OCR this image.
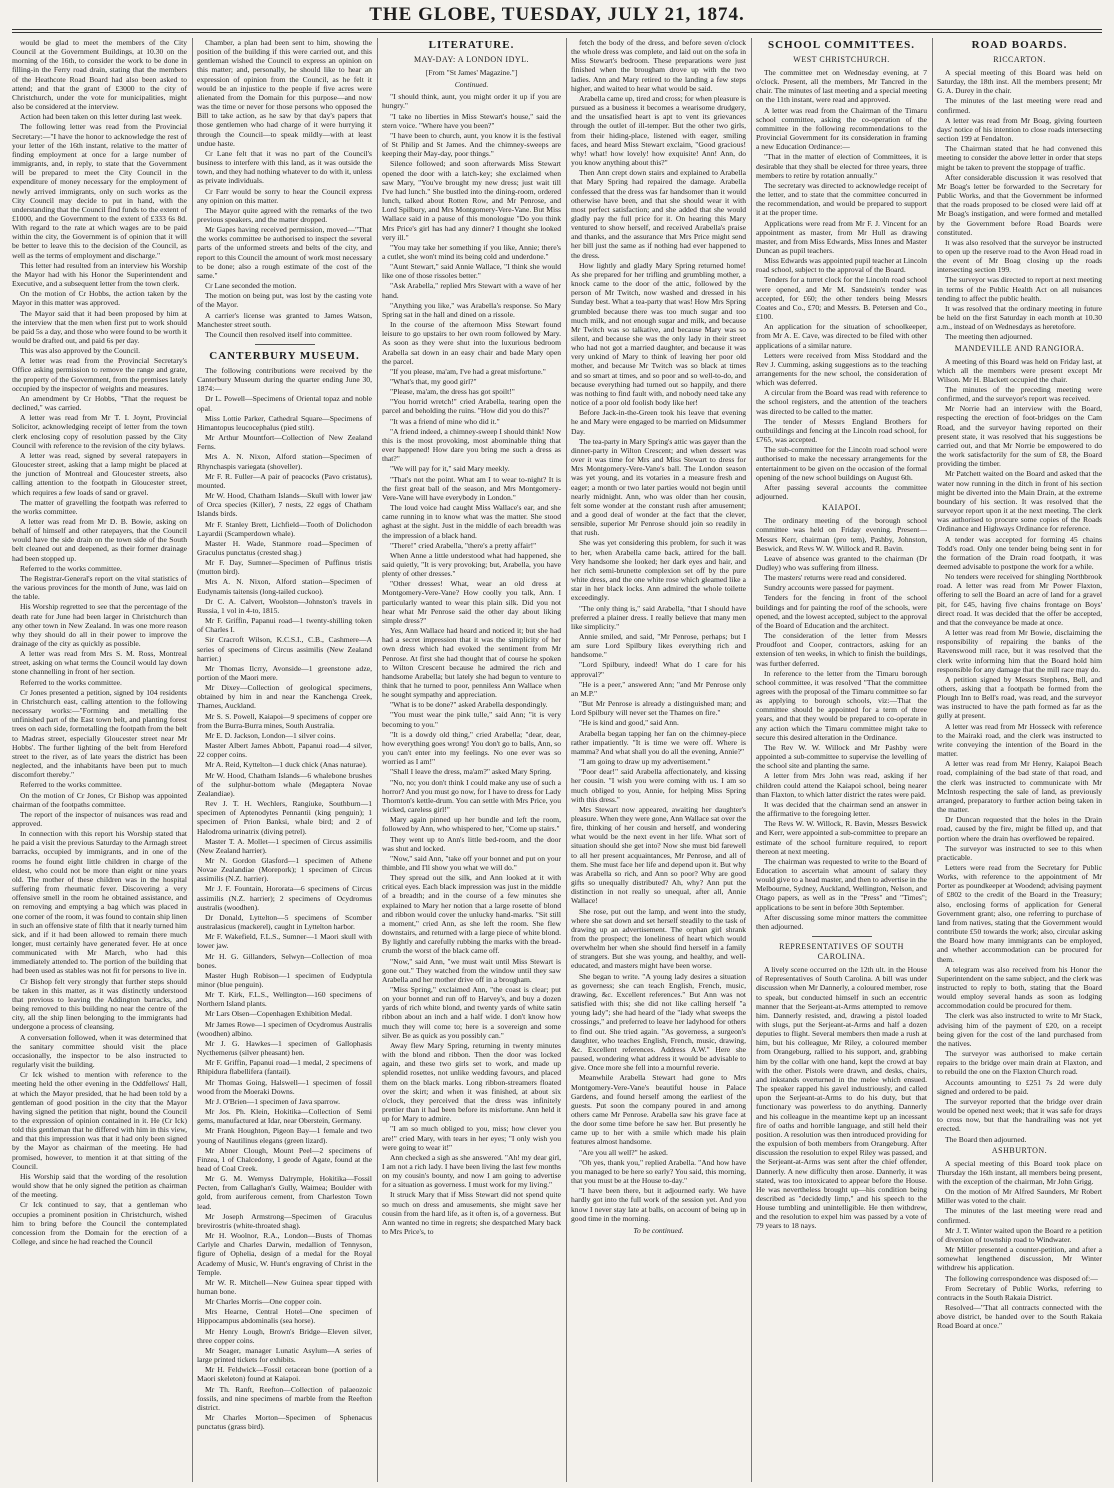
THE GLOBE, TUESDAY, JULY 21, 1874.

would be glad to meet the members of the City Council at the Government Buildings, at 10.30 on the morning of the 16th, to consider the work to be done in filling-in the Ferry road drain, stating that the members of the Heathcote Road Board had also been asked to attend; and that the grant of £3000 to the city of Christchurch, under the vote for municipalities, might also be considered at the interview.

Action had been taken on this letter during last week.

The following letter was read from the Provincial Secretary:—"I have the honor to acknowledge the rest of your letter of the 16th instant, relative to the matter of finding employment at once for a large number of immigrants, and, in reply, to state that the Government will be prepared to meet the City Council in the expenditure of money necessary for the employment of newly arrived immigrants, only on such works as the City Council may decide to put in hand, with the understanding that the Council find funds to the extent of £1000, and the Government to the extent of £333 6s 8d. With regard to the rate at which wages are to be paid within the city, the Government is of opinion that it will be better to leave this to the decision of the Council, as well as the terms of employment and discharge."

This letter had resulted from an interview his Worship the Mayor had with his Honor the Superintendent and Executive, and a subsequent letter from the town clerk.

On the motion of Cr Hobbs, the action taken by the Mayor in this matter was approved.

The Mayor said that it had been proposed by him at the interview that the men when first put to work should be paid 5s a day, and those who were found to be worth it would be drafted out, and paid 6s per day.

This was also approved by the Council.

A letter was read from the Provincial Secretary's Office asking permission to remove the range and grate, the property of the Government, from the premises lately occupied by the inspector of weights and measures.

An amendment by Cr Hobbs, "That the request be declined," was carried.

A letter was read from Mr T. I. Joynt, Provincial Solicitor, acknowledging receipt of letter from the town clerk enclosing copy of resolution passed by the City Council with reference to the revision of the city bylaws.

A letter was read, signed by several ratepayers in Gloucester street, asking that a lamp might be placed at the junction of Montreal and Gloucester streets, also calling attention to the footpath in Gloucester street, which requires a few loads of sand or gravel.

The matter of gravelling the footpath was referred to the works committee.

A letter was read from Mr D. B. Bowie, asking on behalf of himself and other ratepayers, that the Council would have the side drain on the town side of the South belt cleaned out and deepened, as their former drainage had been stopped up.

Referred to the works committee.

The Registrar-General's report on the vital statistics of the various provinces for the month of June, was laid on the table.

His Worship regretted to see that the percentage of the death rate for June had been larger in Christchurch than any other town in New Zealand. In was one more reason why they should do all in their power to improve the drainage of the city as quickly as possible.

A letter was read from Mrs S. M. Ross, Montreal street, asking on what terms the Council would lay down stone channelling in front of her section.

Referred to the works committee.

Cr Jones presented a petition, signed by 104 residents in Christchurch east, calling attention to the following necessary works:—"Forming and metalling the unfinished part of the East town belt, and planting forest trees on each side, formetalling the footpath from the belt to Madras street, especially Gloucester street near Mr Hobbs'. The further lighting of the belt from Hereford street to the river, as of late years the district has been neglected, and the inhabitants have been put to much discomfort thereby."

Referred to the works committee.

On the motion of Cr Jones, Cr Bishop was appointed chairman of the footpaths committee.

The report of the inspector of nuisances was read and approved.

In connection with this report his Worship stated that he paid a visit the previous Saturday to the Armagh street barracks, occupied by immigrants, and in one of the rooms he found eight little children in charge of the eldest, who could not be more than eight or nine years old. The mother of these children was in the hospital suffering from rheumatic fever. Discovering a very offensive smell in the room he obtained assistance, and on removing and emptying a bag which was placed in one corner of the room, it was found to contain ship linen in such an offensive state of filth that it nearly turned him sick, and if it had been allowed to remain there much longer, must certainly have generated fever. He at once communicated with Mr March, who had this immediately attended to. The portion of the building that had been used as stables was not fit for persons to live in.

Cr Bishop felt very strongly that further steps should be taken in this matter, as it was distinctly understood that previous to leaving the Addington barracks, and being removed to this building no near the centre of the city, all the ship linen belonging to the immigrants had undergone a process of cleansing.

A conversation followed, when it was determined that the sanitary committee should visit the place occasionally, the inspector to be also instructed to regularly visit the building.

Cr Ick wished to mention with reference to the meeting held the other evening in the Oddfellows' Hall, at which the Mayor presided, that he had been told by a gentleman of good position in the city that the Mayor having signed the petition that night, bound the Council to the expression of opinion contained in it. He (Cr Ick) told this gentleman that he differed with him in this view, and that this impression was that it had only been signed by the Mayor as chairman of the meeting. He had promised, however, to mention it at that sitting of the Council.

His Worship said that the wording of the resolution would show that he only signed the petition as chairman of the meeting.

Cr Ick continued to say, that a gentleman who occupies a prominent position in Christchurch, wished him to bring before the Council the contemplated concession from the Domain for the erection of a College, and since he had reached the Council

Chamber, a plan had been sent to him, showing the position of the building if this were carried out, and this gentleman wished the Council to express an opinion on this matter; and, personally, he should like to hear an expression of opinion from the Council, as he felt it would be an injustice to the people if five acres were alienated from the Domain for this purpose—and now was the time or never for those persons who opposed the Bill to take action, as he saw by that day's papers that those gentlemen who had charge of it were hurrying it through the Council—to speak mildly—with at least undue haste.

Cr Lane felt that it was no part of the Council's business to interfere with this land, as it was outside the town, and they had nothing whatever to do with it, unless as private individuals.

Cr Farr would be sorry to hear the Council express any opinion on this matter.

The Mayor quite agreed with the remarks of the two previous speakers, and the matter dropped.

Mr Gapes having received permission, moved—"That the works committee be authorised to inspect the several parts of the unformed streets and belts of the city, and report to this Council the amount of work most necessary to be done; also a rough estimate of the cost of the same."

Cr Lane seconded the motion.

The motion on being put, was lost by the casting vote of the Mayor.

A carrier's license was granted to James Watson, Manchester street south.

The Council then resolved itself into committee.

CANTERBURY MUSEUM.

The following contributions were received by the Canterbury Museum during the quarter ending June 30, 1874:—

Dr L. Powell—Specimens of Oriental topaz and noble opal.

Miss Lottie Parker, Cathedral Square—Specimens of Himantopus leucocephalus (pied stilt).

Mr Arthur Mountfort—Collection of New Zealand Ferns.

Mrs A. N. Nixon, Alford station—Specimen of Rhynchaspis variegata (shoveller).

Mr F. R. Fuller—A pair of peacocks (Pavo cristatus), mounted.

Mr W. Hood, Chatham Islands—Skull with lower jaw of Orca species (Killer), 7 nests, 22 eggs of Chatham Islands birds.

Mr F. Stanley Brett, Lichfield—Tooth of Dolichodon Layardii (Scamperdown whale).

Master H. Wade, Stanmore road—Specimen of Graculus punctatus (crested shag.)

Mr F. Day, Sumner—Specimen of Puffinus tristis (mutton bird).

Mrs A. N. Nixon, Alford station—Specimen of Eudynamis taitensis (long-tailed cuckoo).

Dr C. A. Calvert, Woolston—Johnston's travels in Russia, 1 vol in 4-to, 1815.

Mr F. Griffin, Papanui road—1 twenty-shilling token of Charles I.

Sir Cracroft Wilson, K.C.S.I., C.B., Cashmere—A series of specimens of Circus assimilis (New Zealand harrier.)

Mr Thomas Ilcrry, Avonside—1 greenstone adze, portion of the Maori mere.

Mr Dixey—Collection of geological specimens, obtained by him in and near the Kanchenga Creek, Thames, Auckland.

Mr S. S. Powell, Kaiapoi—9 specimens of copper ore from the Burra-Burra mines, South Australia.

Mr E. D. Jackson, London—1 silver coins.

Master Albert James Abbott, Papanui road—4 silver, 22 copper coins.

Mr A. Reid, Kyttelton—1 duck chick (Anas naturae).

Mr W. Hood, Chatham Islands—6 whalebone brushes of the sulphur-bottom whale (Megaptera Novae Zealandiae).

Rev J. T. H. Wechlers, Rangiuke, Southburn—1 specimen of Aptenodytes Pennantii (king penguin); 1 specimen of Prion Banksi, whale bird; and 2 of Halodroma urinatrix (diving petrel).

Master T. A. Mollet—1 specimen of Circus assimilis (New Zealand harrier).

Mr N. Gordon Glasford—1 specimen of Athene Novae Zealandiae (Morepork); 1 specimen of Circus assimilis (N.Z. harrier).

Mr J. F. Fountain, Hororata—6 specimens of Circus assimilis (N.Z. harrier); 2 specimens of Ocydromus australis (woodhen).

Dr Donald, Lyttelton—5 specimens of Scomber australasicus (mackerel), caught in Lyttelton harbor.

Mr F. Wakefield, F.L.S., Sumner—1 Maori skull with lower jaw.

Mr H. G. Gillanders, Selwyn—Collection of moa bones.

Master Hugh Robison—1 specimen of Eudyptula minor (blue penguin).

Mr T. Kirk, F.L.S., Wellington—160 specimens of Northern Island plants.

Mr Lars Olsen—Copenhagen Exhibition Medal.

Mr James Rowe—1 specimen of Ocydromus Australis (woodhen) albino.

Mr J. G. Hawkes—1 specimen of Gallophasis Nycthemerus (silver pheasant) hen.

Mr F. Griffin, Papanui road—1 medal, 2 specimens of Rhipidura flabellifera (fantail).

Mr Thomas Going, Halswell—1 specimen of fossil wood from the Moeraki Downs.

Mr J. O'Brien—1 specimen of Java sparrow.

Mr Jos. Ph. Klein, Hokitika—Collection of Semi gems, manufactured at Idar, near Oberstein, Germany.

Mr Frank Houghton, Pigeon Bay—1 female and two young of Nautilinus elegans (green lizard).

Mr Abner Clough, Mount Peel—2 specimens of Finzea, 1 of Chalcedony, 1 geode of Agate, found at the head of Coal Creek.

Mr G. M. Wemyss Dalrymple, Hokitika—Fossil Pecten, from Callaghan's Gully, Waimea; Boulder with gold, from auriferous cement, from Charleston Town lead.

Mr Joseph Armstrong—Specimen of Graculus brevirostris (white-throated shag).

Mr H. Woolnor, R.A., London—Busts of Thomas Carlyle and Charles Darwin, medallion of Tennyson, figure of Ophelia, design of a medal for the Royal Academy of Music, W. Hunt's engraving of Christ in the Temple.

Mr W. R. Mitchell—New Guinea spear tipped with human bone.

Mr Charles Morris—One copper coin.

Mrs Hearne, Central Hotel—One specimen of Hippocampus abdominalis (sea horse).

Mr Henry Lough, Brown's Bridge—Eleven silver, three copper coins.

Mr Seager, manager Lunatic Asylum—A series of large printed tickets for exhibits.

Mr H. Feldwick—Fossil cetacean bone (portion of a Maori skeleton) found at Kaiapoi.

Mr Th. Ranft, Reefton—Collection of palaeozoic fossils, and nine specimens of marble from the Reefton district.

Mr Charles Morton—Specimen of Sphenacus punctatus (grass bird).

LITERATURE.
MAY-DAY: A LONDON IDYL.
[From "St James' Magazine."]
Continued.

"I should think, aunt, you might order it up if you are hungry."

"I take no liberties in Miss Stewart's house," said the stern voice. "Where have you been?"

"I have been to church, aunt, you know it is the festival of St Philip and St James. And the chimney-sweeps are keeping their May-day, poor things."

Silence followed; and soon afterwards Miss Stewart opened the door with a latch-key; she exclaimed when saw Mary, "You've brought my new dress; just wait till I've had lunch." She bustled into the dining-room, ordered lunch, talked about Rotten Row, and Mr Penrose, and Lord Spilbury, and Mrs Montgomery-Vere-Vane. But Miss Wallace said in a pause of this monologue "Do you think Mrs Price's girl has had any dinner? I thought she looked very ill."

"You may take her something if you like, Annie; there's a cutlet, she won't mind its being cold and underdone."

"Aunt Stewart," said Annie Wallace, "I think she would like one of those rissoles better."

"Ask Arabella," replied Mrs Stewart with a wave of her hand.

"Anything you like," was Arabella's response. So Mary Spring sat in the hall and dined on a rissole.

In the course of the afternoon Miss Stewart found leisure to go upstairs to her own room followed by Mary. As soon as they were shut into the luxurious bedroom Arabella sat down in an easy chair and bade Mary open the parcel.

"If you please, ma'am, I've had a great misfortune."

"What's that, my good girl?"

"Please, ma'am, the dress has got spoilt!"

"You horrid wretch!" cried Arabella, tearing open the parcel and beholding the ruins. "How did you do this?"

"It was a friend of mine who did it."

"A friend indeed, a chimney-sweep I should think! Now this is the most provoking, most abominable thing that ever happened! How dare you bring me such a dress as that?"

"We will pay for it," said Mary meekly.

"That's not the point. What am I to wear to-night? It is the first great ball of the season, and Mrs Montgomery-Vere-Vane will have everybody in London."

The loud voice had caught Miss Wallace's ear, and she came running in to know what was the matter. She stood aghast at the sight. Just in the middle of each breadth was the impression of a black hand.

"There!" cried Arabella, "there's a pretty affair!"

When Anne a little understood what had happened, she said quietly, "It is very provoking; but, Arabella, you have plenty of other dresses."

"Other dresses! What, wear an old dress at Montgomery-Vere-Vane? How coolly you talk, Ann. I particularly wanted to wear this plain silk. Did you not hear what Mr Penrose said the other day about liking simple dress?"

Yes, Ann Wallace had heard and noticed it; but she had had a secret impression that it was the simplicity of her own dress which had evoked the sentiment from Mr Penrose. At first she had thought that of course he spoken to Wilton Crescent because he admired the rich and handsome Arabella; but lately she had begun to venture to think that he turned to poor, penniless Ann Wallace when he sought sympathy and appreciation.

"What is to be done?" asked Arabella despondingly.

"You must wear the pink tulle," said Ann; "it is very becoming to you."

"It is a dowdy old thing," cried Arabella; "dear, dear, how everything goes wrong! You don't go to balls, Ann, so you can't enter into my feelings. No one ever was so worried as I am!"

"Shall I leave the dress, ma'am?" asked Mary Spring.

"No, no; you don't think I could make any use of such a horror? And you must go now, for I have to dress for Lady Thornton's kettle-drum. You can settle with Mrs Price, you wicked, careless girl!"

Mary again pinned up her bundle and left the room, followed by Ann, who whispered to her, "Come up stairs."

They went up to Ann's little bed-room, and the door was shut and locked.

"Now," said Ann, "take off your bonnet and put on your thimble, and I'll show you what we will do."

They spread out the silk, and Ann looked at it with critical eyes. Each black impression was just in the middle of a breadth; and in the course of a few minutes she explained to Mary her notion that a large rosette of blond and ribbon would cover the unlucky hand-marks. "Sit still a moment," cried Ann, as she left the room. She flew downstairs, and returned with a large piece of white blond. By lightly and carefully rubbing the marks with the bread-crumb the worst of the black came off.

"Now," said Ann, "we must wait until Miss Stewart is gone out." They watched from the window until they saw Arabella and her mother drive off in a brougham.

"Miss Spring," exclaimed Ann, "the coast is clear; put on your bonnet and run off to Harvey's, and buy a dozen yards of rich white blond, and twenty yards of white satin ribbon about an inch and a half wide. I don't know how much they will come to; here is a sovereign and some silver. Be as quick as you possibly can."

Away flew Mary Spring, returning in twenty minutes with the blond and ribbon. Then the door was locked again, and these two girls set to work, and made up splendid rosettes, not unlike wedding favours, and placed them on the black marks. Long ribbon-streamers floated over the skirt; and when it was finished, at about six o'clock, they perceived that the dress was infinitely prettier than it had been before its misfortune. Ann held it up for Mary to admire.

"I am so much obliged to you, miss; how clever you are!" cried Mary, with tears in her eyes; "I only wish you were going to wear it!"

Ann checked a sigh as she answered. "Ah! my dear girl, I am not a rich lady. I have been living the last few months on my cousin's bounty, and now I am going to advertise for a situation as governess. I must work for my living."

It struck Mary that if Miss Stewart did not spend quite so much on dress and amusements, she might save her cousin from the hard life, as it often is, of a governess. But Ann wanted no time in regrets; she despatched Mary back to Mrs Price's, to

fetch the body of the dress, and before seven o'clock the whole dress was complete, and laid out on the sofa in Miss Stewart's bedroom. These preparations were just finished when the brougham drove up with the two ladies. Ann and Mary retired to the landing a few steps higher, and waited to hear what would be said.

Arabella came up, tired and cross; for when pleasure is pursued as a business it becomes a wearisome drudgery, and the unsatisfied heart is apt to vent its grievances through the outlet of ill-temper. But the other two girls, from their hiding-place, listened with eager, smiling faces, and heard Miss Stewart exclaim, "Good gracious! why! what! how lovely! how exquisite! Ann! Ann, do you know anything about this?"

Then Ann crept down stairs and explained to Arabella that Mary Spring had repaired the damage. Arabella confessed that the dress was far handsomer than it would otherwise have been, and that she should wear it with most perfect satisfaction; and she added that she would gladly pay the full price for it. On hearing this Mary ventured to show herself, and received Arabella's praise and thanks, and the assurance that Mrs Price might send her bill just the same as if nothing had ever happened to the dress.

How lightly and gladly Mary Spring returned home! As she prepared for her trifling and grumbling mother, a knock came to the door of the attic, followed by the person of Mr Twitch, now washed and dressed in his Sunday best. What a tea-party that was! How Mrs Spring grumbled because there was too much sugar and too much milk, and not enough sugar and milk, and because Mr Twitch was so talkative, and because Mary was so silent, and because she was the only lady in their street who had not got a married daughter, and because it was very unkind of Mary to think of leaving her poor old mother, and because Mr Twitch was so black at times and so smart at times, and so poor and so well-to-do, and because everything had turned out so happily, and there was nothing to find fault with, and nobody need take any notice of a poor old foolish body like her!

Before Jack-in-the-Green took his leave that evening he and Mary were engaged to be married on Midsummer Day.

The tea-party in Mary Spring's attic was gayer than the dinner-party in Wilton Crescent; and when dessert was over it was time for Mrs and Miss Stewart to dress for Mrs Montgomery-Vere-Vane's ball. The London season was yet young, and its votaries in a measure fresh and eager; a month or two later parties would not begin until nearly midnight. Ann, who was older than her cousin, felt some wonder at the constant rush after amusement; and a good deal of wonder at the fact that the clever, sensible, superior Mr Penrose should join so readily in that rush.

She was yet considering this problem, for such it was to her, when Arabella came back, attired for the ball. Very handsome she looked; her dark eyes and hair, and her rich semi-brunette complexion set off by the pure white dress, and the one white rose which gleamed like a star in her black locks. Ann admired the whole toilette exceedingly.

"The only thing is," said Arabella, "that I should have preferred a plainer dress. I really believe that many men like simplicity."

Annie smiled, and said, "Mr Penrose, perhaps; but I am sure Lord Spilbury likes everything rich and handsome."

"Lord Spilbury, indeed! What do I care for his approval?"

"He is a peer," answered Ann; "and Mr Penrose only an M.P."

"But Mr Penrose is already a distinguished man; and Lord Spilbury will never set the Thames on fire."

"He is kind and good," said Ann.

Arabella began tapping her fan on the chimney-piece rather impatiently. "It is time we were off. Where is mamma? And what shall you do all the evening, Annie?"

"I am going to draw up my advertisement."

"Poor dear!" said Arabella affectionately, and kissing her cousin. "I wish you were coming with us. I am so much obliged to you, Annie, for helping Miss Spring with this dress."

Mrs Stewart now appeared, awaiting her daughter's pleasure. When they were gone, Ann Wallace sat over the fire, thinking of her cousin and herself, and wondering what would be the next event in her life. What sort of situation should she get into? Now she must bid farewell to all her present acquaintances, Mr Penrose, and all of them. She must face her life and depend upon it. But why was Arabella so rich, and Ann so poor? Why are good gifts so unequally distributed? Ah, why? Ann put the distinction in not really so unequal, after all, Annie Wallace!

She rose, put out the lamp, and went into the study, where she sat down and set herself steadily to the task of drawing up an advertisement. The orphan girl shrank from the prospect; the loneliness of heart which would overwhelm her when she should find herself in a family of strangers. But she was young, and healthy, and well-educated, and masters might have been worse.

She began to write. "A young lady desires a situation as governess; she can teach English, French, music, drawing, &c. Excellent references." But Ann was not satisfied with this; she did not like calling herself "a young lady"; she had heard of the "lady what sweeps the crossings," and preferred to leave her ladyhood for others to find out. She tried again. "As governess, a surgeon's daughter, who teaches English, French, music, drawing, &c. Excellent references. Address A.W." Here she paused, wondering what address it would be advisable to give. Once more she fell into a mournful reverie.

Meanwhile Arabella Stewart had gone to Mrs Montgomery-Vere-Vane's beautiful house in Palace Gardens, and found herself among the earliest of the guests. Put soon the company poured in and among others came Mr Penrose. Arabella saw his grave face at the door some time before he saw her. But presently he came up to her with a smile which made his plain features almost handsome.

"Are you all well?" he asked.

"Oh yes, thank you," replied Arabella. "And how have you managed to be here so early? You said, this morning, that you must be at the House to-day."

"I have been there, but it adjourned early. We have hardly got into the full work of the session yet. And you know I never stay late at balls, on account of being up in good time in the morning.

To be continued.
SCHOOL COMMITTEES.
WEST CHRISTCHURCH.

The committee met on Wednesday evening, at 7 o'clock. Present, all the members, Mr Tancred in the chair. The minutes of last meeting and a special meeting on the 11th instant, were read and approved.

A letter was read from the Chairman of the Timaru school committee, asking the co-operation of the committee in the following recommendations to the Provincial Government for its consideration in framing a new Education Ordinance:—

"That in the matter of election of Committees, it is desirable that they shall be elected for three years, three members to retire by rotation annually."

The secretary was directed to acknowledge receipt of the letter, and to state that the committee concurred in the recommendation, and would be prepared to support it at the proper time.

Applications were read from Mr F. J. Vincent for an appointment as master, from Mr Hull as drawing master, and from Miss Edwards, Miss Innes and Master Duncan as pupil teachers.

Miss Edwards was appointed pupil teacher at Lincoln road school, subject to the approval of the Board.

Tenders for a turret clock for the Lincoln road school were opened, and Mr M. Sandstein's tender was accepted, for £60; the other tenders being Messrs Coates and Co., £70; and Messrs. B. Petersen and Co., £100.

An application for the situation of schoolkeeper, from Mr A. E. Cave, was directed to be filed with other applications of a similar nature.

Letters were received from Miss Stoddard and the Rev J. Cumming, asking suggestions as to the teaching arrangements for the new school, the consideration of which was deferred.

A circular from the Board was read with reference to the school registers, and the attention of the teachers was directed to be called to the matter.

The tender of Messrs England Brothers for outbuildings and fencing at the Lincoln road school, for £765, was accepted.

The sub-committee for the Lincoln road school were authorised to make the necessary arrangements for the entertainment to be given on the occasion of the formal opening of the new school buildings on August 6th.

After passing several accounts the committee adjourned.

KAIAPOI.

The ordinary meeting of the borough school committee was held on Friday evening. Present—Messrs Kerr, chairman (pro tem), Pashby, Johnston, Beswick, and Revs W. W. Willock and R. Bavin.

Leave of absence was granted to the chairman (Dr Dudley) who was suffering from illness.

The masters' returns were read and considered.

Sundry accounts were passed for payment.

Tenders for the fencing in front of the school buildings and for painting the roof of the schools, were opened, and the lowest accepted, subject to the approval of the Board of Education and the architect.

The consideration of the letter from Messrs Proudfoot and Cooper, contractors, asking for an extension of ten weeks, in which to finish the buildings, was further deferred.

In reference to the letter from the Timaru borough school committee, it was resolved "That the committee agrees with the proposal of the Timaru committee so far as applying to borough schools, viz:—That the committee should be appointed for a term of three years, and that they would be prepared to co-operate in any action which the Timaru committee might take to secure this desired alteration in the Ordinance.

The Rev W. W. Willock and Mr Pashby were appointed a sub-committee to supervise the levelling of the school site and planting the same.

A letter from Mrs John was read, asking if her children could attend the Kaiapoi school, being nearer than Flaxton, to which latter district the rates were paid.

It was decided that the chairman send an answer in the affirmative to the foregoing letter.

The Revs W. W. Willock, R. Bavin, Messrs Beswick and Kerr, were appointed a sub-committee to prepare an estimate of the school furniture required, to report thereon at next meeting.

The chairman was requested to write to the Board of Education to ascertain what amount of salary they would give to a head master, and then to advertise in the Melbourne, Sydney, Auckland, Wellington, Nelson, and Otago papers, as well as in the "Press" and "Times"; applications to be sent in before 30th September.

After discussing some minor matters the committee then adjourned.

REPRESENTATIVES OF SOUTH CAROLINA.

A lively scene occurred on the 12th ult. in the House of Representatives of South Carolina. A bill was under discussion when Mr Dannerly, a coloured member, rose to speak, but conducted himself in such an eccentric manner that the Serjeant-at-Arms attempted to remove him. Dannerly resisted, and, drawing a pistol loaded with slugs, put the Serjeant-at-Arms and half a dozen deputies to flight. Several members then made a rush at him, but his colleague, Mr Riley, a coloured member from Orangeburg, rallied to his support, and, grabbing him by the collar with one hand, kept the crowd at bay with the other. Pistols were drawn, and desks, chairs, and inkstands overturned in the melee which ensued. The speaker rapped his gavel industriously, and called upon the Serjeant-at-Arms to do his duty, but that functionary was powerless to do anything. Dannerly and his colleague in the meantime kept up an incessant fire of oaths and horrible language, and still held their position. A resolution was then introduced providing for the expulsion of both members from Orangeburg. After discussion the resolution to expel Riley was passed, and the Serjeant-at-Arms was sent after the chief offender, Dannerly. A new difficulty then arose. Dannerly, it was stated, was too intoxicated to appear before the House. He was nevertheless brought up—his condition being described as "decidedly limp," and his speech to the House tumbling and unintelligible. He then withdrew, and the resolution to expel him was passed by a vote of 79 years to 18 nays.

ROAD BOARDS.
RICCARTON.

A special meeting of this Board was held on Saturday, the 18th inst. All the members present; Mr G. A. Durey in the chair.

The minutes of the last meeting were read and confirmed.

A letter was read from Mr Boag, giving fourteen days' notice of his intention to close roads intersecting section 199 at Fendalton.

The Chairman stated that he had convened this meeting to consider the above letter in order that steps might be taken to prevent the stoppage of traffic.

After considerable discussion it was resolved that Mr Boag's letter be forwarded to the Secretary for Public Works, and that the Government be informed that the roads proposed to be closed were laid off at Mr Boag's instigation, and were formed and metalled by the Government before Road Boards were constituted.

It was also resolved that the surveyor be instructed to open up the reserve road to the Avon Head road in the event of Mr Boag closing up the roads intersecting section 199.

The surveyor was directed to report at next meeting in terms of the Public Health Act on all nuisances tending to affect the public health.

It was resolved that the ordinary meeting in future be held on the first Saturday in each month at 10.30 a.m., instead of on Wednesdays as heretofore.

The meeting then adjourned.

MANDEVILLE AND RANGIORA.

A meeting of this Board was held on Friday last, at which all the members were present except Mr Wilson. Mr H. Blackett occupied the chair.

The minutes of the preceding meeting were confirmed, and the surveyor's report was received.

Mr Norrie had an interview with the Board, respecting the erection of foot-bridges on the Cam Road, and the surveyor having reported on their present state, it was resolved that his suggestions be carried out, and that Mr Norrie be empowered to do the work satisfactorily for the sum of £8, the Board providing the timber.

Mr Patchett waited on the Board and asked that the water now running in the ditch in front of his section might be diverted into the Main Drain, at the extreme boundary of his section. It was resolved that the surveyor report upon it at the next meeting. The clerk was authorised to procure some copies of the Roads Ordinance and Highways Ordinance for reference.

A tender was accepted for forming 45 chains Todd's road. Only one tender being being sent in for the formation of the Drain road footpath, it was deemed advisable to postpone the work for a while.

No tenders were received for shingling Northbrook road. A letter was read from Mr Power Flaxton, offering to sell the Board an acre of land for a gravel pit, for £45, having five chains frontage on Boys' direct road. It was decided that the offer be accepted, and that the conveyance be made at once.

A letter was read from Mr Bowie, disclaiming the responsibility of repairing the banks of the Ravenswood mill race, but it was resolved that the clerk write informing him that the Board hold him responsible for any damage that the mill race may do.

A petition signed by Messrs Stephens, Bell, and others, asking that a footpath be formed from the Plough Inn to Bell's road, was read, and the surveyor was instructed to have the path formed as far as the gully at present.

A letter was read from Mr Hosseck with reference to the Mairaki road, and the clerk was instructed to write conveying the intention of the Board in the matter.

A letter was read from Mr Henry, Kaiapoi Beach road, complaining of the bad state of that road, and the clerk was instructed to communicate with Mr McIntosh respecting the sale of land, as previously arranged, preparatory to further action being taken in the matter.

Dr Duncan requested that the holes in the Drain road, caused by the fire, might be filled up, and that portion where the drain has overflowed be repaired.

The surveyor was instructed to see to this when practicable.

Letters were read from the Secretary for Public Works, with reference to the appointment of Mr Porter as poundkeeper at Woodend; advising payment of £802 to the credit of the Board in the Treasury; also, enclosing forms of application for General Government grant; also, one referring to purchase of land from natives, stating that the Government would contribute £50 towards the work; also, circular asking the Board how many immigrants can be employed, and whether accommodation can be procured for them.

A telegram was also received from his Honor the Superintendent on the same subject, and the clerk was instructed to reply to both, stating that the Board would employ several hands as soon as lodging accommodation could be procured for them.

The clerk was also instructed to write to Mr Stack, advising him of the payment of £20, on a receipt being given for the cost of the land purchased from the natives.

The surveyor was authorised to make certain repairs to the bridge over main drain at Flaxton, and to rebuild the one on the Flaxton Church road.

Accounts amounting to £251 7s 2d were duly signed and ordered to be paid.

The surveyor reported that the bridge over drain would be opened next week; that it was safe for drays to cross now, but that the handrailing was not yet erected.

The Board then adjourned.

ASHBURTON.

A special meeting of this Board took place on Thursday the 16th instant, all members being present, with the exception of the chairman, Mr John Grigg.

On the motion of Mr Alfred Saunders, Mr Robert Miller was voted to the chair.

The minutes of the last meeting were read and confirmed.

Mr J. T. Winter waited upon the Board re a petition of diversion of township road to Windwater.

Mr Miller presented a counter-petition, and after a somewhat lengthened discussion, Mr Winter withdrew his application.

The following correspondence was disposed of:—

From Secretary of Public Works, referring to contracts in the South Rakaia District.

Resolved—"That all contracts connected with the above district, be handed over to the South Rakaia Road Board at once."
